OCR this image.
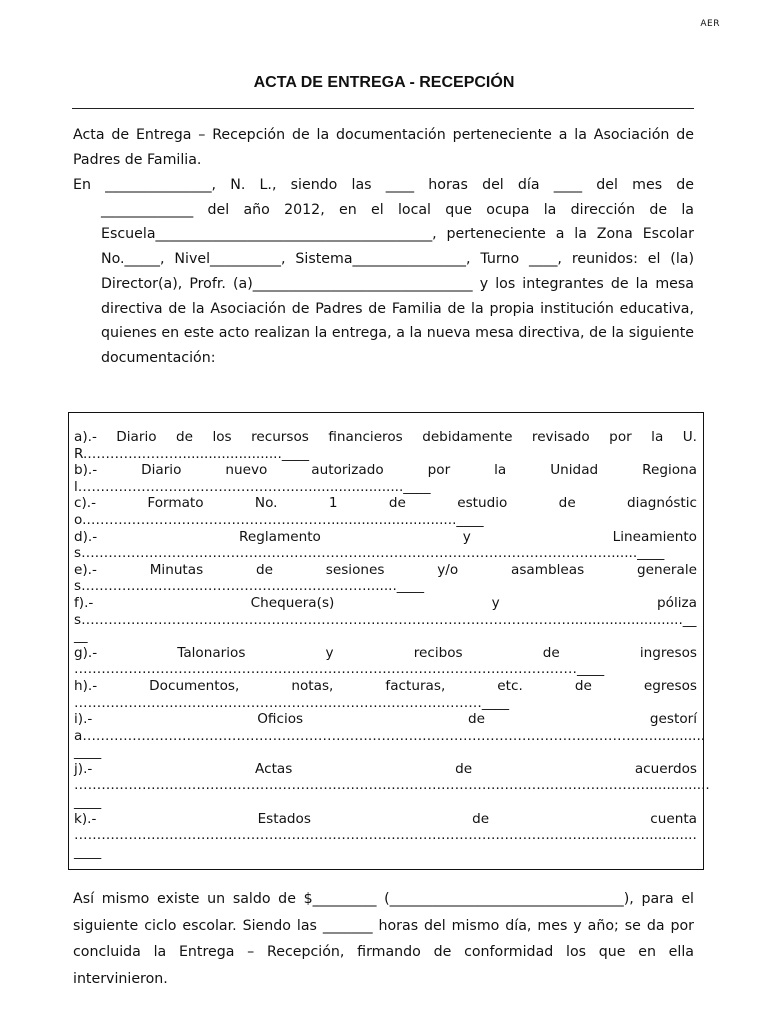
AER
ACTA DE ENTREGA - RECEPCIÓN
Acta de Entrega – Recepción de la documentación perteneciente a la Asociación de Padres de Familia.
En _______________, N. L., siendo las ____ horas del día ____ del mes de
_____________ del año 2012, en el local que ocupa la dirección de la Escuela_______________________________________, perteneciente a la Zona Escolar No._____, Nivel__________, Sistema________________, Turno ____, reunidos: el (la) Director(a), Profr. (a)_______________________________ y los integrantes de la mesa directiva de la Asociación de Padres de Familia de la propia institución educativa, quienes en este acto realizan la entrega, a la nueva mesa directiva, de la siguiente documentación:
a).- Diario de los recursos financieros debidamente revisado por la U.R.………………….......................____
b).- Diario nuevo autorizado por la Unidad Regional………………………………….……..…......................____
c).- Formato No. 1 de estudio de diagnóstico.……………………………………………….............................____
d).- Reglamento y Lineamientos………………………………………………………………………………………………………......____
e).- Minutas de sesiones y/o asambleas generales……………………………………………………….......____
f).- Chequera(s) y pólizas………………………………………………………………………………………………..........................____
g).- Talonarios y recibos de ingresos …………………………………………………………………………………………………____
h).- Documentos, notas, facturas, etc. de egresos ………………………………………………………………………………____
i).- Oficios de gestoría………………………………………………………………………………………………………………............____
j).- Actas de acuerdos ………………………………………………………………………………………………………………...............____
k).- Estados de cuenta ………………………………………………………………………………………………………………............____
Así mismo existe un saldo de $_________ (_________________________________), para el siguiente ciclo escolar. Siendo las _______ horas del mismo día, mes y año; se da por concluida la Entrega – Recepción, firmando de conformidad los que en ella intervinieron.
